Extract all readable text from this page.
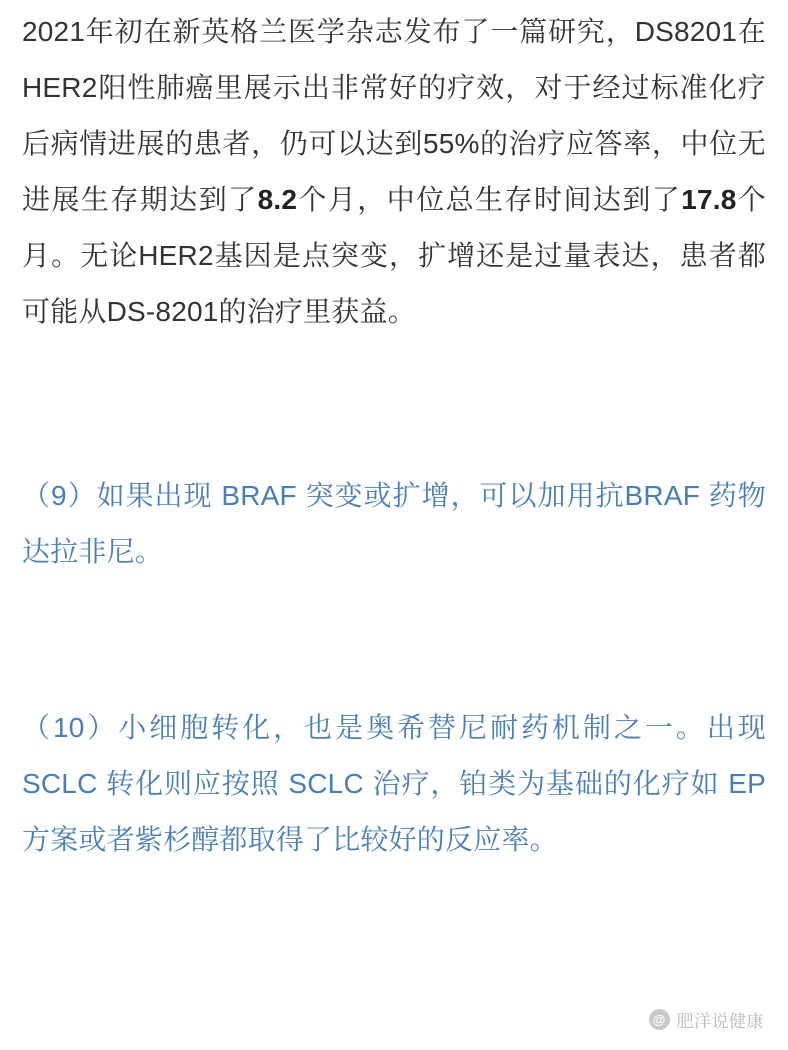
2021年初在新英格兰医学杂志发布了一篇研究，DS8201在HER2阳性肺癌里展示出非常好的疗效，对于经过标准化疗后病情进展的患者，仍可以达到55%的治疗应答率，中位无进展生存期达到了8.2个月，中位总生存时间达到了17.8个月。无论HER2基因是点突变，扩增还是过量表达，患者都可能从DS-8201的治疗里获益。

（9）如果出现 BRAF 突变或扩增，可以加用抗BRAF 药物达拉非尼。

（10）小细胞转化，也是奥希替尼耐药机制之一。出现 SCLC 转化则应按照 SCLC 治疗，铂类为基础的化疗如 EP 方案或者紫杉醇都取得了比较好的反应率。

@ 肥洋说健康
